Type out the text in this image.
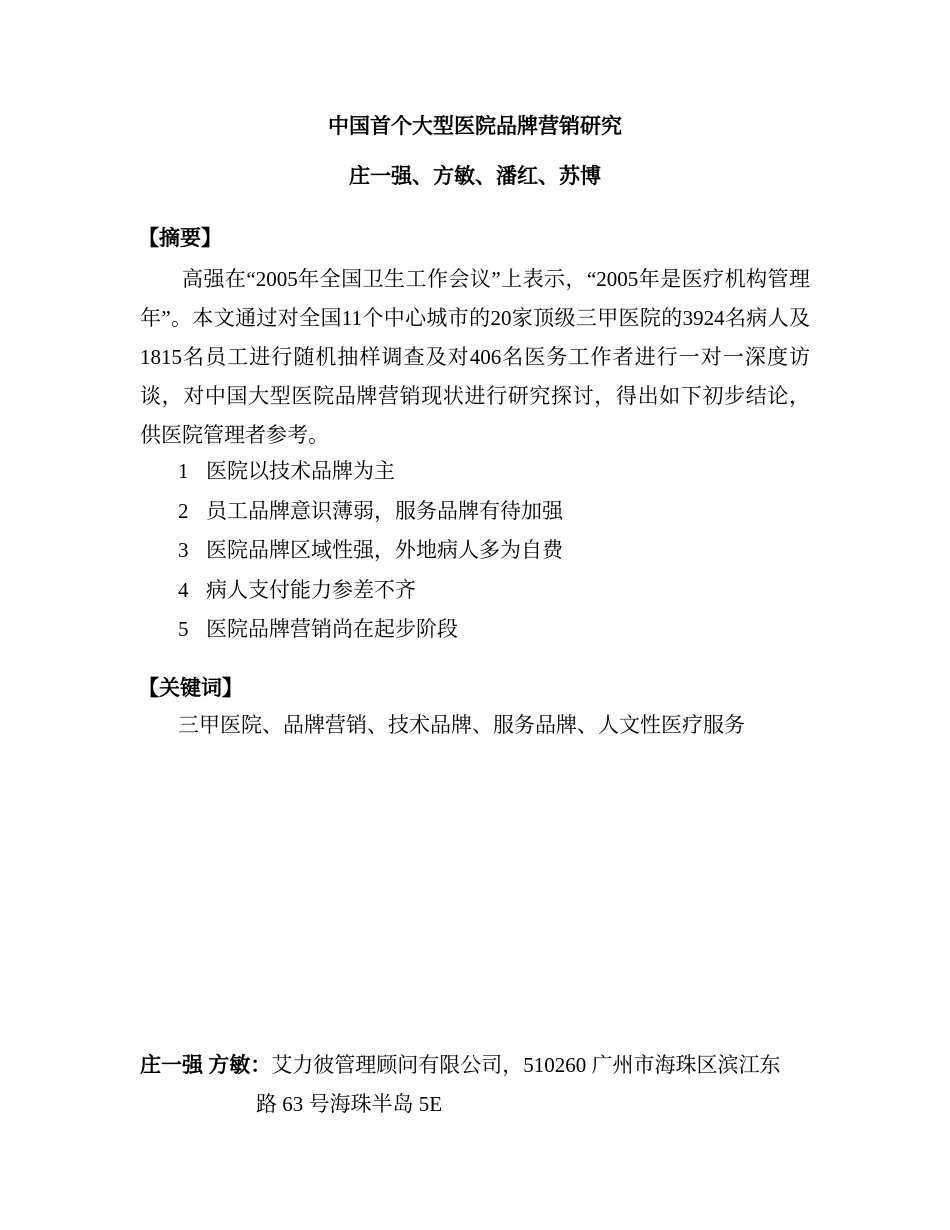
中国首个大型医院品牌营销研究
庄一强、方敏、潘红、苏博
【摘要】

高强在“2005年全国卫生工作会议”上表示，“2005年是医疗机构管理年”。本文通过对全国11个中心城市的20家顶级三甲医院的3924名病人及1815名员工进行随机抽样调查及对406名医务工作者进行一对一深度访谈，对中国大型医院品牌营销现状进行研究探讨，得出如下初步结论，供医院管理者参考。

1 医院以技术品牌为主
2 员工品牌意识薄弱，服务品牌有待加强
3 医院品牌区域性强，外地病人多为自费
4 病人支付能力参差不齐
5 医院品牌营销尚在起步阶段
【关键词】
三甲医院、品牌营销、技术品牌、服务品牌、人文性医疗服务
庄一强 方敏：艾力彼管理顾问有限公司，510260 广州市海珠区滨江东
路 63 号海珠半岛 5E
